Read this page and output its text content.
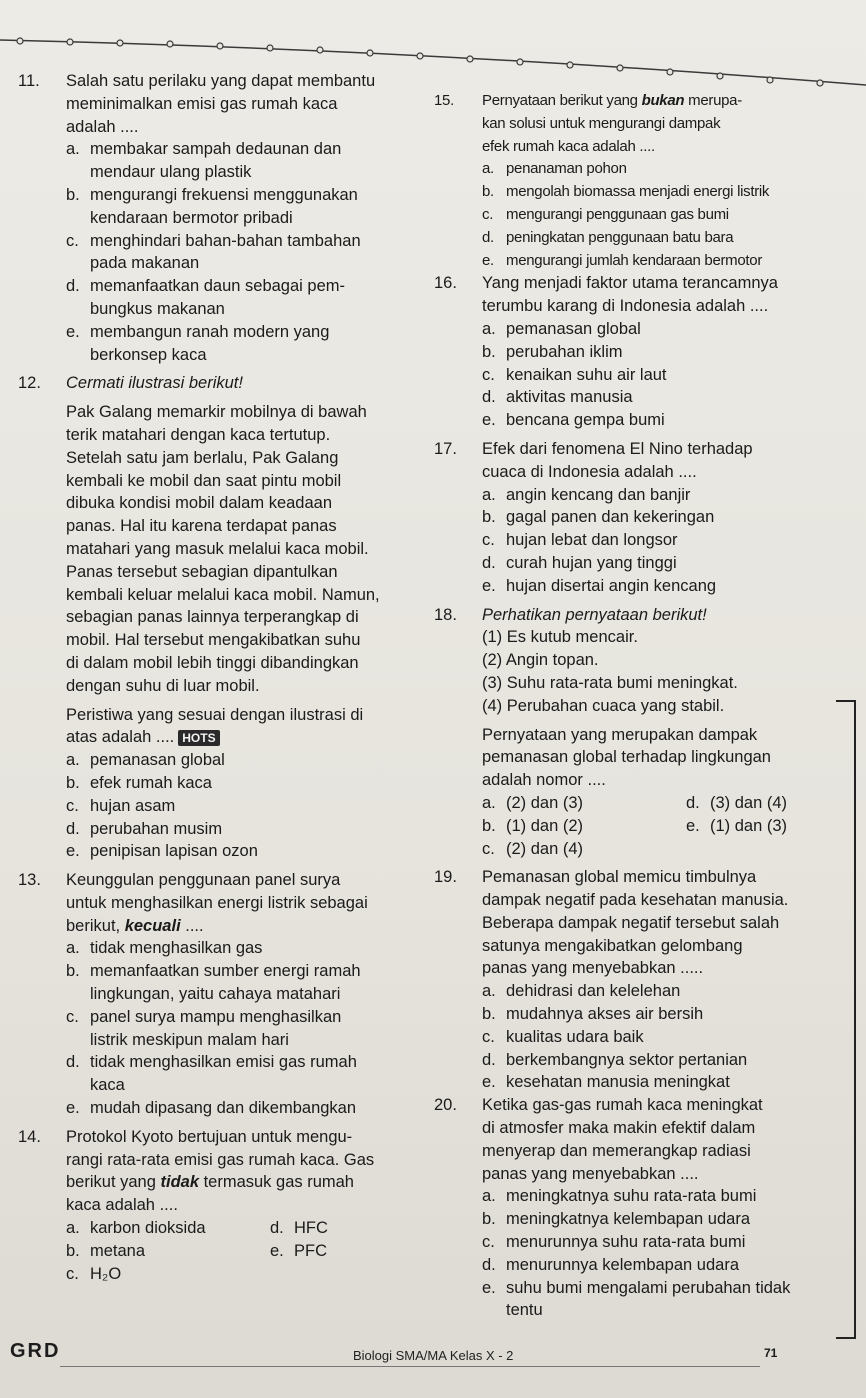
11.	Salah satu perilaku yang dapat membantu
meminimalkan emisi gas rumah kaca
adalah ....
a. membakar sampah dedaunan dan
mendaur ulang plastik
b. mengurangi frekuensi menggunakan
kendaraan bermotor pribadi
c. menghindari bahan-bahan tambahan
pada makanan
d. memanfaatkan daun sebagai pem-
bungkus makanan
e. membangun ranah modern yang
berkonsep kaca
12.	Cermati ilustrasi berikut!
Pak Galang memarkir mobilnya di bawah
terik matahari dengan kaca tertutup.
Setelah satu jam berlalu, Pak Galang
kembali ke mobil dan saat pintu mobil
dibuka kondisi mobil dalam keadaan
panas. Hal itu karena terdapat panas
matahari yang masuk melalui kaca mobil.
Panas tersebut sebagian dipantulkan
kembali keluar melalui kaca mobil. Namun,
sebagian panas lainnya terperangkap di
mobil. Hal tersebut mengakibatkan suhu
di dalam mobil lebih tinggi dibandingkan
dengan suhu di luar mobil.
Peristiwa yang sesuai dengan ilustrasi di
atas adalah .... HOTS
a. pemanasan global
b. efek rumah kaca
c. hujan asam
d. perubahan musim
e. penipisan lapisan ozon
13.	Keunggulan penggunaan panel surya
untuk menghasilkan energi listrik sebagai
berikut, kecuali ....
a. tidak menghasilkan gas
b. memanfaatkan sumber energi ramah
lingkungan, yaitu cahaya matahari
c. panel surya mampu menghasilkan
listrik meskipun malam hari
d. tidak menghasilkan emisi gas rumah
kaca
e. mudah dipasang dan dikembangkan
14.	Protokol Kyoto bertujuan untuk mengu-
rangi rata-rata emisi gas rumah kaca. Gas
berikut yang tidak termasuk gas rumah
kaca adalah ....
a. karbon dioksida	d. HFC
b. metana	e. PFC
c. H₂O
15.	Pernyataan berikut yang bukan merupa-
kan solusi untuk mengurangi dampak
efek rumah kaca adalah ....
a. penanaman pohon
b. mengolah biomassa menjadi energi listrik
c. mengurangi penggunaan gas bumi
d. peningkatan penggunaan batu bara
e. mengurangi jumlah kendaraan bermotor
16.	Yang menjadi faktor utama terancamnya
terumbu karang di Indonesia adalah ....
a. pemanasan global
b. perubahan iklim
c. kenaikan suhu air laut
d. aktivitas manusia
e. bencana gempa bumi
17.	Efek dari fenomena El Nino terhadap
cuaca di Indonesia adalah ....
a. angin kencang dan banjir
b. gagal panen dan kekeringan
c. hujan lebat dan longsor
d. curah hujan yang tinggi
e. hujan disertai angin kencang
18.	Perhatikan pernyataan berikut!
(1) Es kutub mencair.
(2) Angin topan.
(3) Suhu rata-rata bumi meningkat.
(4) Perubahan cuaca yang stabil.
Pernyataan yang merupakan dampak
pemanasan global terhadap lingkungan
adalah nomor ....
a. (2) dan (3)	d. (3) dan (4)
b. (1) dan (2)	e. (1) dan (3)
c. (2) dan (4)
19.	Pemanasan global memicu timbulnya
dampak negatif pada kesehatan manusia.
Beberapa dampak negatif tersebut salah
satunya mengakibatkan gelombang
panas yang menyebabkan .....
a. dehidrasi dan kelelehan
b. mudahnya akses air bersih
c. kualitas udara baik
d. berkembangnya sektor pertanian
e. kesehatan manusia meningkat
20.	Ketika gas-gas rumah kaca meningkat
di atmosfer maka makin efektif dalam
menyerap dan memerangkap radiasi
panas yang menyebabkan ....
a. meningkatnya suhu rata-rata bumi
b. meningkatnya kelembapan udara
c. menurunnya suhu rata-rata bumi
d. menurunnya kelembapan udara
e. suhu bumi mengalami perubahan tidak
tentu
GRD	Biologi SMA/MA Kelas X - 2	71
